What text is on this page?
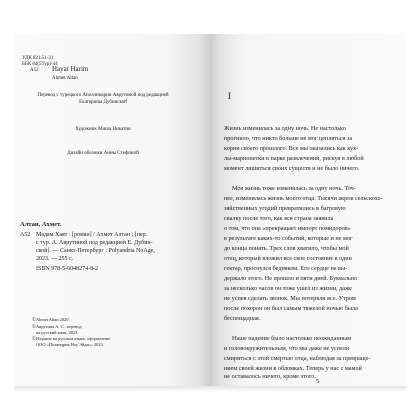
УДК 821.51-31
ББК 84(5Тур)-44
А52 Hayat Harım
Ahmet Altan
Перевод с турецкого Аполлинарии Аврутиной под редакцией Екатерины Дубинской
Художник Миша Никатин
Дизайн обложки Анны Стефиной
Алтан, Ахмет.
А52 Мадам Хаят : [роман] / Ахмет Алтан ; [пер.
с тур. А. Аврутиной под редакцией Е. Дубин-
ской]. — Санкт-Петербург : Polyandria NoAge,
2023. — 255 с.
ISBN 978-5-6048274-8-2
© Ahmet Altan 2020
© Аврутина А. С., перевод
на русский язык, 2023
© Издание на русском языке, оформление.
ООО «Поляндрия Ноу Эйдж», 2023
I
Жизнь изменилась за одну ночь. Не настолько
прогнило, что никто больше не мог цепляться за
корни своего прошлого. Все мы оказались как кук-
лы-марионетки в парке развлечений, рискуя в любой
момент лишиться своих существ и не было ничего.
Моя жизнь тоже изменилась за одну ночь. Точ-
нее, изменилась жизнь моего отца. Тысячи акров сельскохо-
зяйственных угодий превратились в багровую
свалку после того, как вся страна заявила
о том, что она «прекращает импорт помидоров»
в результате каких-то событий, которые и не мог
до конца понять. Трех слов хватило, чтобы мой
отец, который вложил все свое состояние в один
гектар, проснулся бедняком. Его сердце не вы-
держало этого. Не прошло и пяти дней. Буквально
за несколько часов он тоже ушел из жизни, даже
не успев сделать звонок. Мы потеряли все. Утром
после похорон он был самым тяжелой ночью была
беспощадная.
Наше падение было настолько неожиданным
и головокружительным, что мы даже не успели
смириться с этой смертью отца, наблюдая за превраще-
нием своей жизни в обломках. Теперь у нас с мамой
не оставалось ничего, кроме этого.
5
